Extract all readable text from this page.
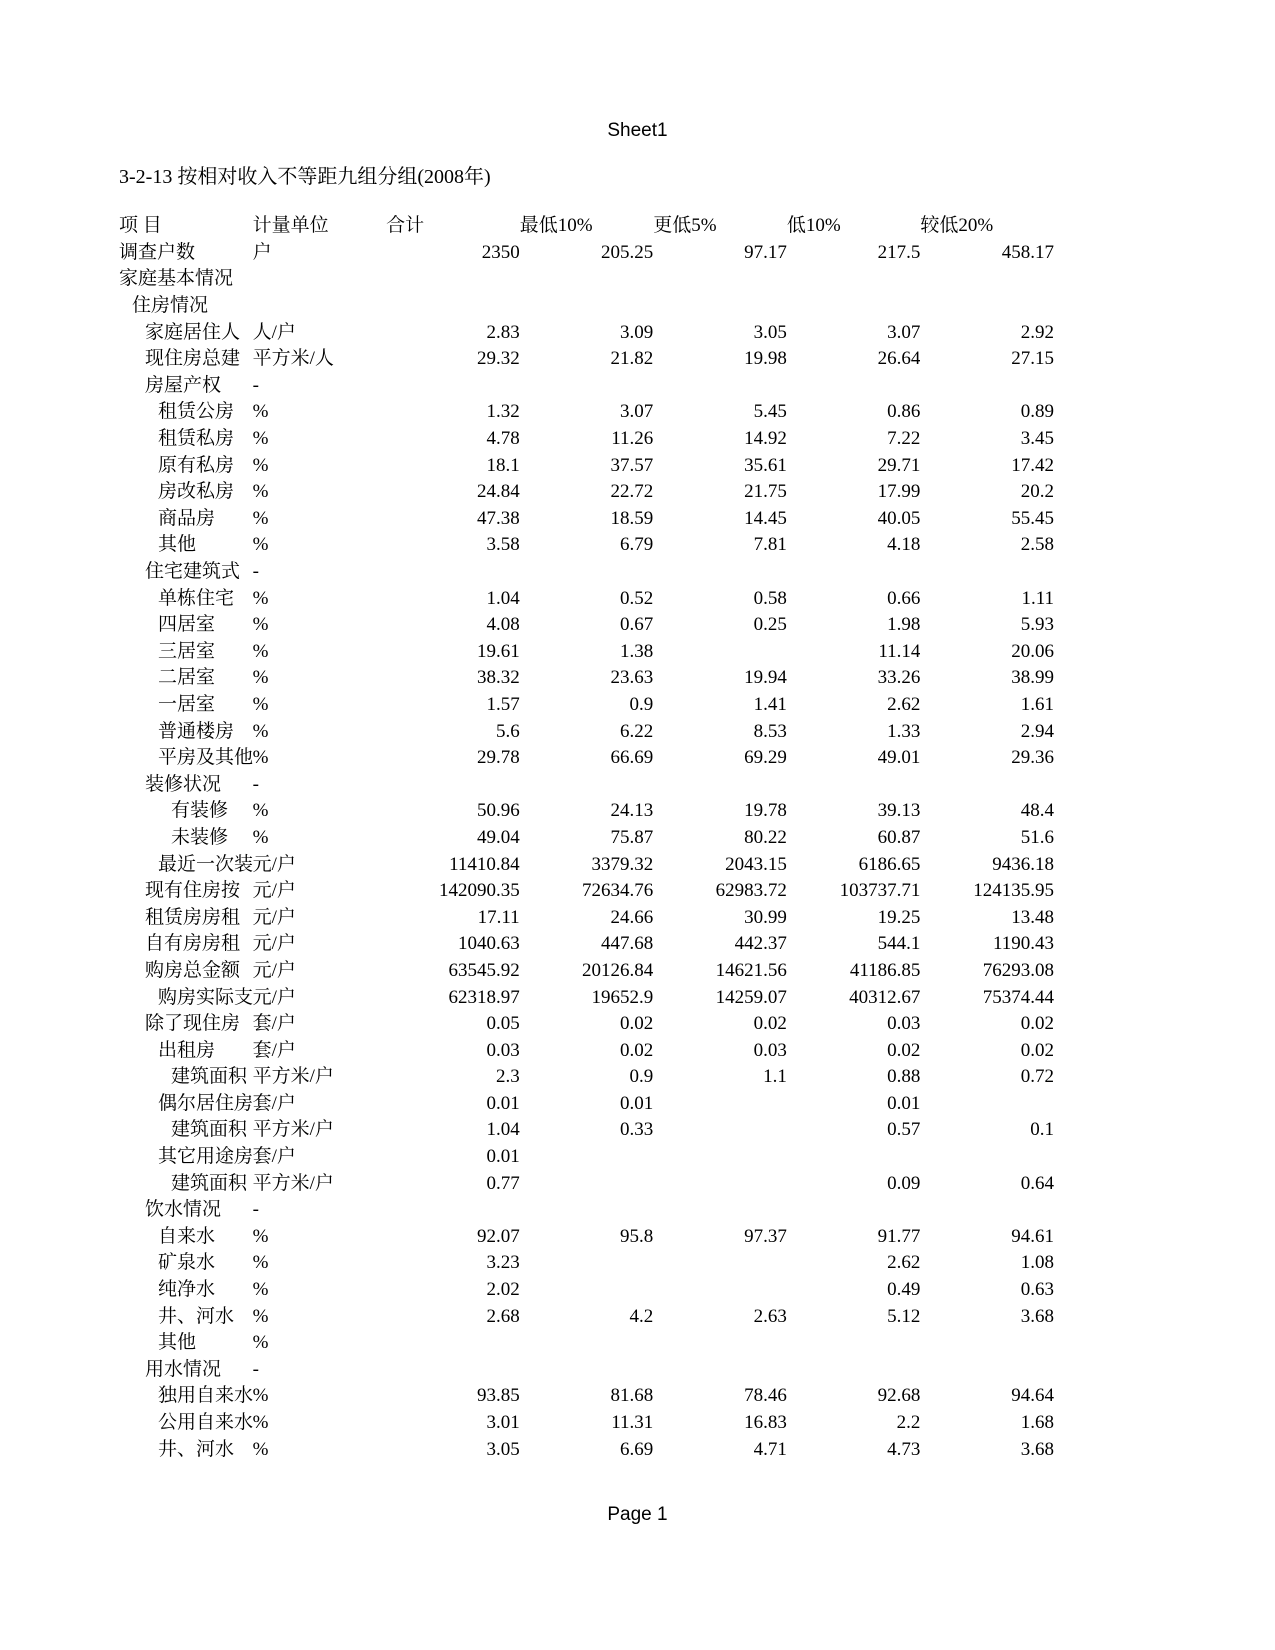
Sheet1
3-2-13 按相对收入不等距九组分组(2008年)
项 目	计量单位	合计	最低10%	更低5%	低10%	较低20%
调查户数	户	2350	205.25	97.17	217.5	458.17
家庭基本情况						
住房情况						
家庭居住人	人/户	2.83	3.09	3.05	3.07	2.92
现住房总建	平方米/人	29.32	21.82	19.98	26.64	27.15
房屋产权	-					
租赁公房	%	1.32	3.07	5.45	0.86	0.89
租赁私房	%	4.78	11.26	14.92	7.22	3.45
原有私房	%	18.1	37.57	35.61	29.71	17.42
房改私房	%	24.84	22.72	21.75	17.99	20.2
商品房	%	47.38	18.59	14.45	40.05	55.45
其他	%	3.58	6.79	7.81	4.18	2.58
住宅建筑式	-					
单栋住宅	%	1.04	0.52	0.58	0.66	1.11
四居室	%	4.08	0.67	0.25	1.98	5.93
三居室	%	19.61	1.38		11.14	20.06
二居室	%	38.32	23.63	19.94	33.26	38.99
一居室	%	1.57	0.9	1.41	2.62	1.61
普通楼房	%	5.6	6.22	8.53	1.33	2.94
平房及其他	%	29.78	66.69	69.29	49.01	29.36
装修状况	-					
有装修	%	50.96	24.13	19.78	39.13	48.4
未装修	%	49.04	75.87	80.22	60.87	51.6
最近一次装	元/户	11410.84	3379.32	2043.15	6186.65	9436.18
现有住房按	元/户	142090.35	72634.76	62983.72	103737.71	124135.95
租赁房房租	元/户	17.11	24.66	30.99	19.25	13.48
自有房房租	元/户	1040.63	447.68	442.37	544.1	1190.43
购房总金额	元/户	63545.92	20126.84	14621.56	41186.85	76293.08
购房实际支	元/户	62318.97	19652.9	14259.07	40312.67	75374.44
除了现住房	套/户	0.05	0.02	0.02	0.03	0.02
出租房	套/户	0.03	0.02	0.03	0.02	0.02
建筑面积	平方米/户	2.3	0.9	1.1	0.88	0.72
偶尔居住房	套/户	0.01	0.01		0.01	
建筑面积	平方米/户	1.04	0.33		0.57	0.1
其它用途房	套/户	0.01				
建筑面积	平方米/户	0.77			0.09	0.64
饮水情况	-					
自来水	%	92.07	95.8	97.37	91.77	94.61
矿泉水	%	3.23			2.62	1.08
纯净水	%	2.02			0.49	0.63
井、河水	%	2.68	4.2	2.63	5.12	3.68
其他	%					
用水情况	-					
独用自来水	%	93.85	81.68	78.46	92.68	94.64
公用自来水	%	3.01	11.31	16.83	2.2	1.68
井、河水	%	3.05	6.69	4.71	4.73	3.68
Page 1
